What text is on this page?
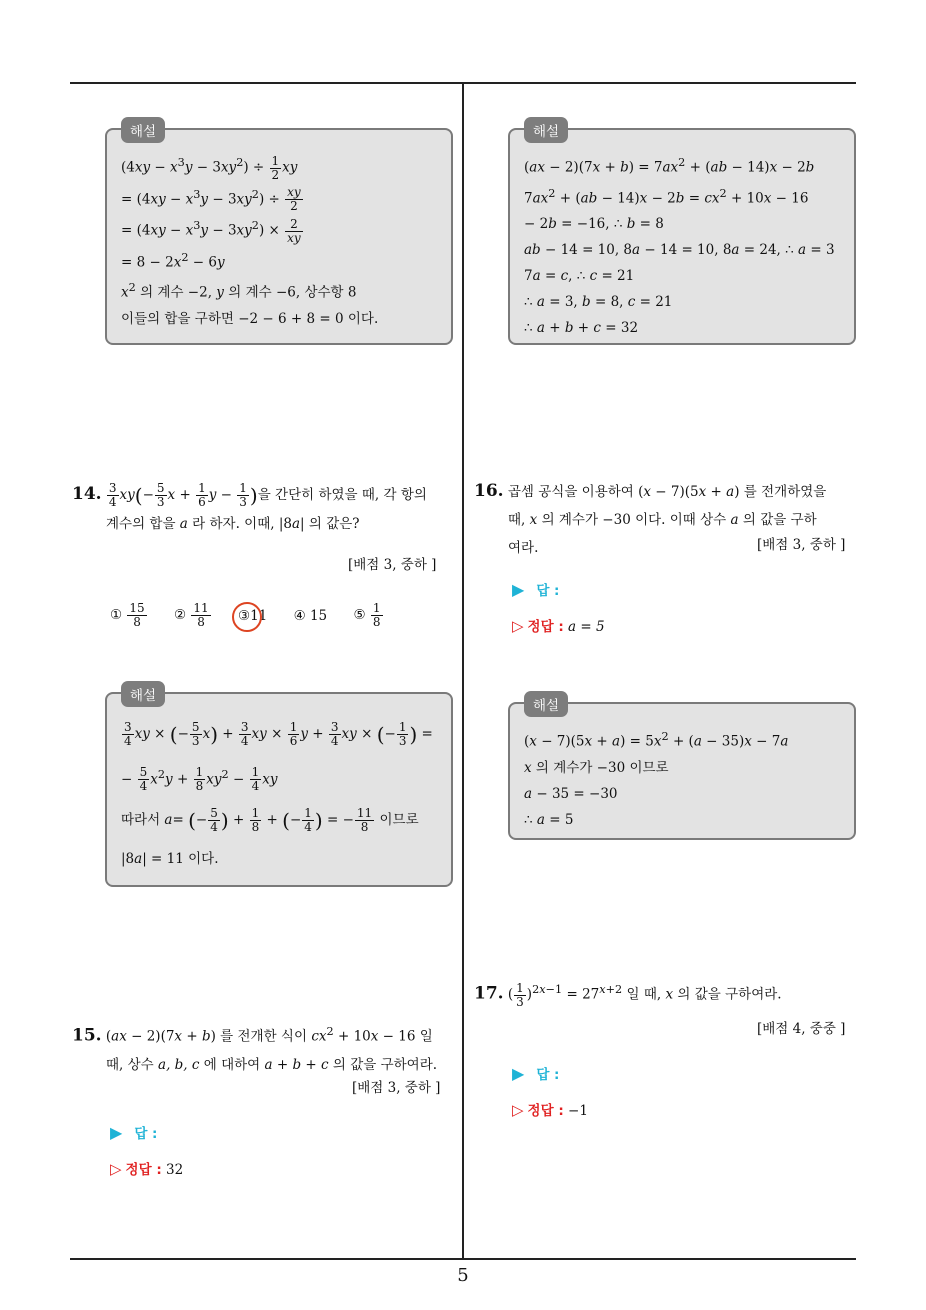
해설
$(4xy - x^3y - 3xy^2) \div \frac{1}{2}$ xy
= $(4xy - x^3y - 3xy^2) \div \frac{xy}{2}$
= $(4xy - x^3y - 3xy^2) \times \frac{2}{xy}$
= $8 - 2x^2 - 6y$
$x^2$ 의 계수 −2, y 의 계수 −6, 상수항 8
이들의 합을 구하면 −2 − 6 + 8 = 0 이다.
14. $\frac{3}{4} xy(- \frac{5}{3}$ $x + \frac{1}{6}$ $y - \frac{1}{3}$ )을 간단히 하였을 때, 각 항의
계수의 합을 a 라 하자. 이때, |8a| 의 값은?
[배점 3, 중하 ]
① $\frac{15}{8}$ ② $\frac{11}{8}$
③11 ④ 15 ⑤ $\frac{1}{8}$
해설
$\frac{3}{4}$ xy × (− $\frac{5}{3} x) + \frac{3}{4}$ xy × $\frac{1}{6}$ $y + \frac{3}{4}$ xy × (− $\frac{1}{3}$ ) =
− $\frac{5}{4} x^2y + \frac{1}{8} xy^2 - \frac{1}{4}$ xy
따라서 a= (− $\frac{5}{4}$ ) + $\frac{1}{8}$ + (− $\frac{1}{4}$ ) = − $\frac{11}{8}$ 이므로
|8a| = 11 이다.
15. (ax − 2)(7x + b) 를 전개한 식이 $cx^2 + 10x - 16$ 일
때, 상수 a, b, c 에 대하여 a + b + c 의 값을 구하여라.
[배점 3, 중하 ]
▶ 답 :
▷ 정답 : 32
해설
$(ax - 2)(7x + b) = 7ax^2 + (ab - 14)x - 2b$
$7ax^2 + (ab - 14)x - 2b = cx^2 + 10x - 16$
− 2b = −16, ∴ b = 8
ab − 14 = 10, 8a − 14 = 10, 8a = 24, ∴ a = 3
7a = c, ∴ c = 21
∴ a = 3, b = 8, c = 21
∴ a + b + c = 32
16. 곱셈 공식을 이용하여 (x − 7)(5x + a) 를 전개하였을
때, x 의 계수가 −30 이다. 이때 상수 a 의 값을 구하
여라.	[배점 3, 중하 ]
▶ 답 :
▷ 정답 : a = 5
해설
$(x - 7)(5x + a) = 5x^2 + (a - 35)x - 7a$
x 의 계수가 −30 이므로
a − 35 = −30
∴ a = 5
17. ( $\frac{1}{3} )^{2x-1} = 27^{x+2}$ 일 때, x 의 값을 구하여라.
[배점 4, 중중 ]
▶ 답 :
▷ 정답 : −1
5
